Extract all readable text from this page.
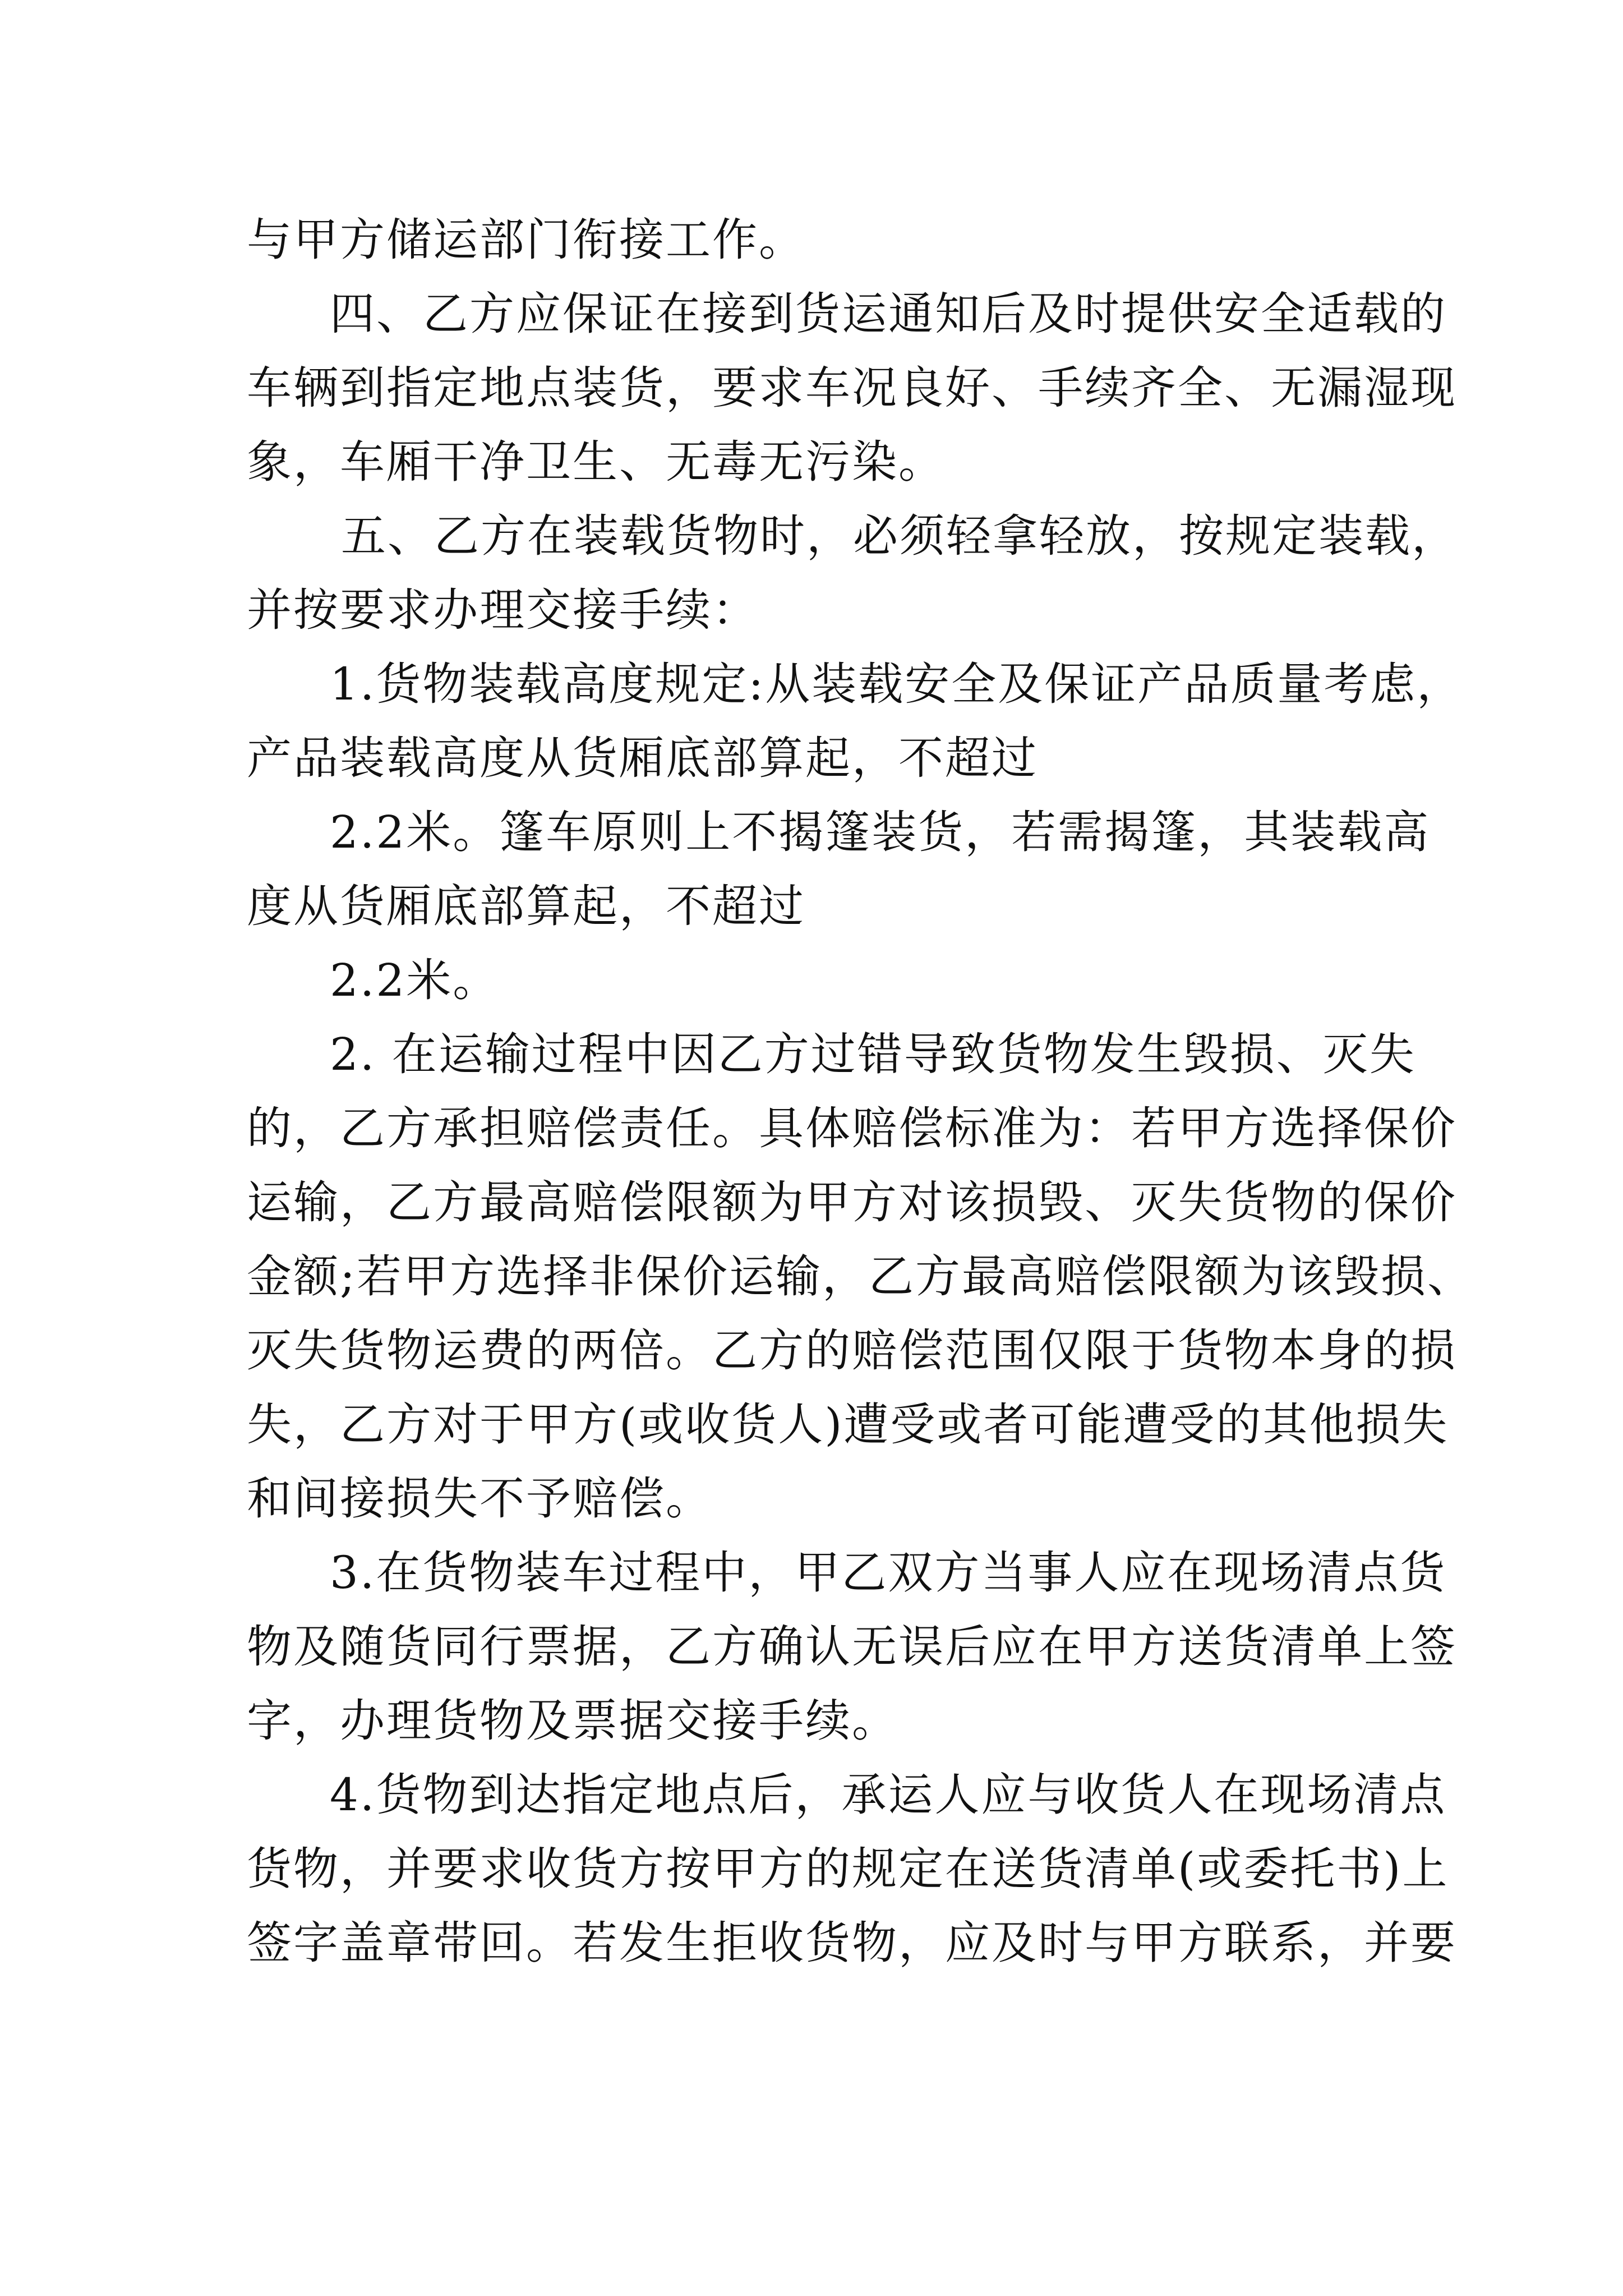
与甲方储运部门衔接工作。
四、乙方应保证在接到货运通知后及时提供安全适载的
车辆到指定地点装货，要求车况良好、手续齐全、无漏湿现
象，车厢干净卫生、无毒无污染。
五、乙方在装载货物时，必须轻拿轻放，按规定装载，
并按要求办理交接手续：
1.货物装载高度规定:从装载安全及保证产品质量考虑，
产品装载高度从货厢底部算起，不超过
2.2米。篷车原则上不揭篷装货，若需揭篷，其装载高
度从货厢底部算起，不超过
2.2米。
2. 在运输过程中因乙方过错导致货物发生毁损、灭失
的，乙方承担赔偿责任。具体赔偿标准为：若甲方选择保价
运输，乙方最高赔偿限额为甲方对该损毁、灭失货物的保价
金额;若甲方选择非保价运输，乙方最高赔偿限额为该毁损、
灭失货物运费的两倍。乙方的赔偿范围仅限于货物本身的损
失，乙方对于甲方(或收货人)遭受或者可能遭受的其他损失
和间接损失不予赔偿。
3.在货物装车过程中，甲乙双方当事人应在现场清点货
物及随货同行票据，乙方确认无误后应在甲方送货清单上签
字，办理货物及票据交接手续。
4.货物到达指定地点后，承运人应与收货人在现场清点
货物，并要求收货方按甲方的规定在送货清单(或委托书)上
签字盖章带回。若发生拒收货物，应及时与甲方联系，并要
